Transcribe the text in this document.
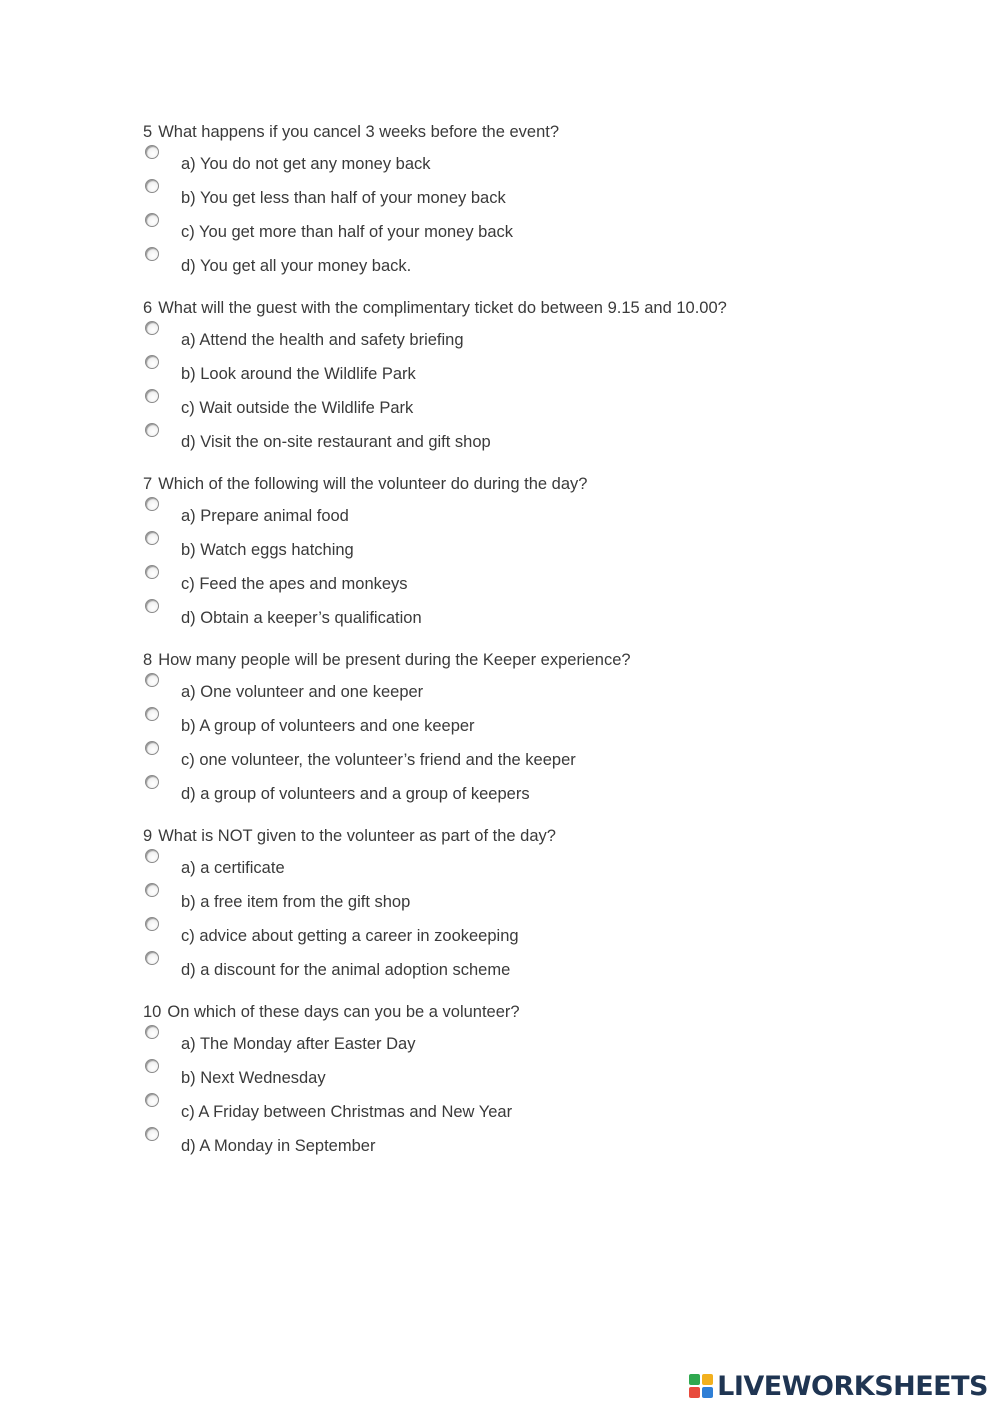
5 What happens if you cancel 3 weeks before the event?
a) You do not get any money back
b) You get less than half of your money back
c) You get more than half of your money back
d) You get all your money back.
6 What will the guest with the complimentary ticket do between 9.15 and 10.00?
a) Attend the health and safety briefing
b) Look around the Wildlife Park
c) Wait outside the Wildlife Park
d) Visit the on-site restaurant and gift shop
7 Which of the following will the volunteer do during the day?
a) Prepare animal food
b) Watch eggs hatching
c) Feed the apes and monkeys
d) Obtain a keeper’s qualification
8 How many people will be present during the Keeper experience?
a) One volunteer and one keeper
b) A group of volunteers and one keeper
c) one volunteer, the volunteer’s friend and the keeper
d) a group of volunteers and a group of keepers
9 What is NOT given to the volunteer as part of the day?
a) a certificate
b) a free item from the gift shop
c) advice about getting a career in zookeeping
d) a discount for the animal adoption scheme
10 On which of these days can you be a volunteer?
a) The Monday after Easter Day
b) Next Wednesday
c) A Friday between Christmas and New Year
d) A Monday in September
LIVEWORKSHEETS
